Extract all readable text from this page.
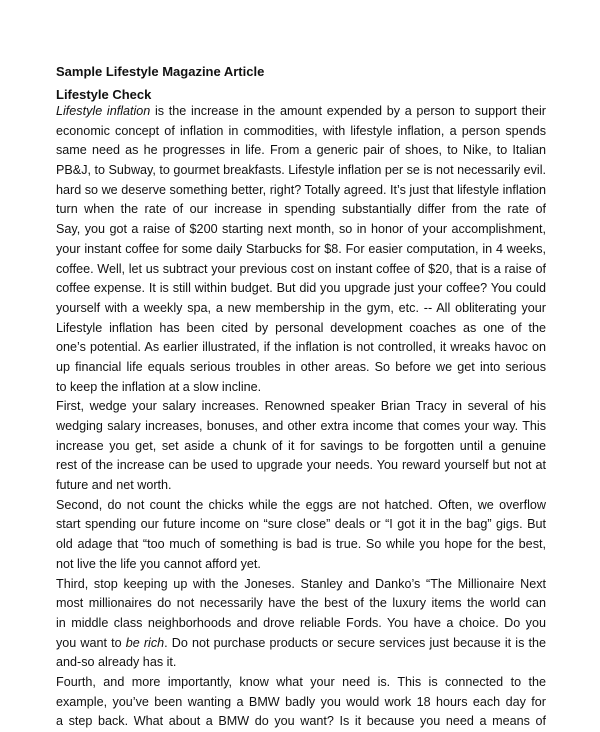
Sample Lifestyle Magazine Article
Lifestyle Check
Lifestyle inflation is the increase in the amount expended by a person to support their
economic concept of inflation in commodities, with lifestyle inflation, a person spends
same need as he progresses in life. From a generic pair of shoes, to Nike, to Italian
PB&J, to Subway, to gourmet breakfasts. Lifestyle inflation per se is not necessarily evil.
hard so we deserve something better, right? Totally agreed. It’s just that lifestyle inflation
turn when the rate of our increase in spending substantially differ from the rate of
Say, you got a raise of $200 starting next month, so in honor of your accomplishment,
your instant coffee for some daily Starbucks for $8. For easier computation, in 4 weeks,
coffee. Well, let us subtract your previous cost on instant coffee of $20, that is a raise of
coffee expense. It is still within budget. But did you upgrade just your coffee? You could
yourself with a weekly spa, a new membership in the gym, etc. -- All obliterating your
Lifestyle inflation has been cited by personal development coaches as one of the
one’s potential. As earlier illustrated, if the inflation is not controlled, it wreaks havoc on
up financial life equals serious troubles in other areas. So before we get into serious
to keep the inflation at a slow incline.
First, wedge your salary increases. Renowned speaker Brian Tracy in several of his
wedging salary increases, bonuses, and other extra income that comes your way. This
increase you get, set aside a chunk of it for savings to be forgotten until a genuine
rest of the increase can be used to upgrade your needs. You reward yourself but not at
future and net worth.
Second, do not count the chicks while the eggs are not hatched. Often, we overflow
start spending our future income on “sure close” deals or “I got it in the bag” gigs. But
old adage that “too much of something is bad is true. So while you hope for the best,
not live the life you cannot afford yet.
Third, stop keeping up with the Joneses. Stanley and Danko’s “The Millionaire Next
most millionaires do not necessarily have the best of the luxury items the world can
in middle class neighborhoods and drove reliable Fords. You have a choice. Do you
you want to be rich. Do not purchase products or secure services just because it is the
and-so already has it.
Fourth, and more importantly, know what your need is. This is connected to the
example, you’ve been wanting a BMW badly you would work 18 hours each day for
a step back. What about a BMW do you want? Is it because you need a means of
